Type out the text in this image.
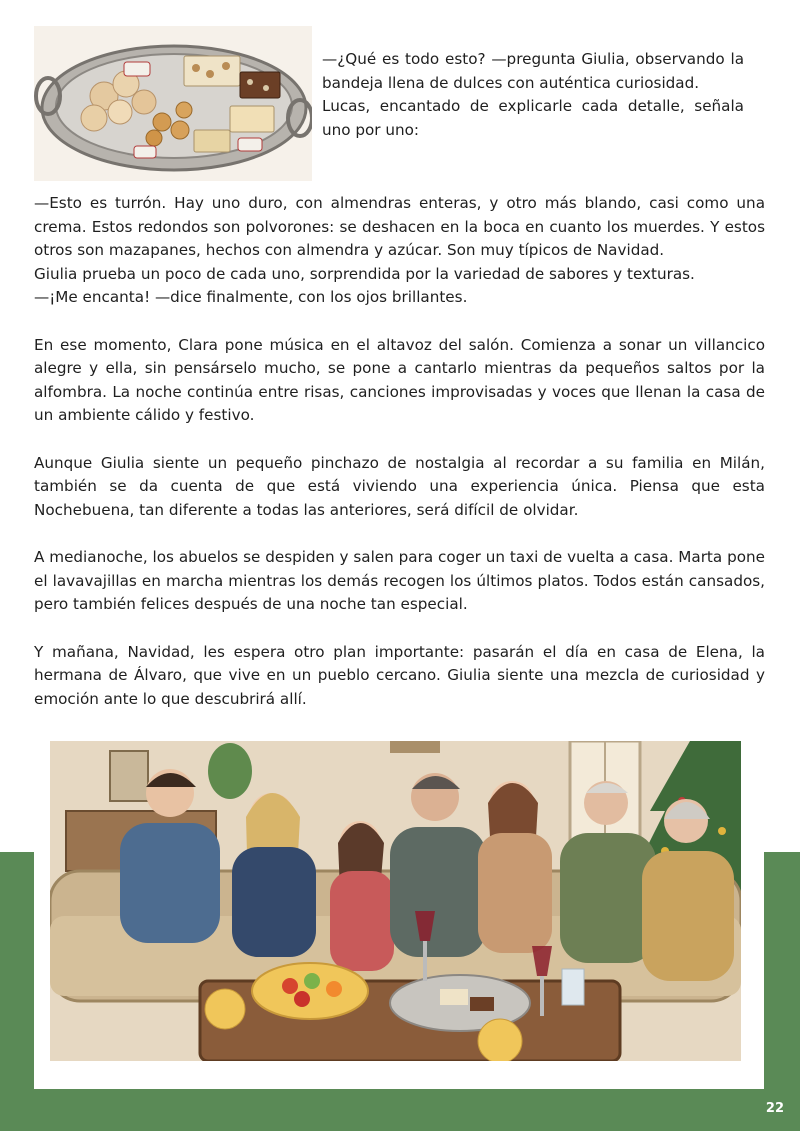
—¿Qué es todo esto? —pregunta Giulia, observando la bandeja llena de dulces con auténtica curiosidad.

Lucas, encantado de explicarle cada detalle, señala uno por uno:

—Esto es turrón. Hay uno duro, con almendras enteras, y otro más blando, casi como una crema. Estos redondos son polvorones: se deshacen en la boca en cuanto los muerdes. Y estos otros son mazapanes, hechos con almendra y azúcar. Son muy típicos de Navidad.

Giulia prueba un poco de cada uno, sorprendida por la variedad de sabores y texturas.

—¡Me encanta! —dice finalmente, con los ojos brillantes.

En ese momento, Clara pone música en el altavoz del salón. Comienza a sonar un villancico alegre y ella, sin pensárselo mucho, se pone a cantarlo mientras da pequeños saltos por la alfombra. La noche continúa entre risas, canciones improvisadas y voces que llenan la casa de un ambiente cálido y festivo.

Aunque Giulia siente un pequeño pinchazo de nostalgia al recordar a su familia en Milán, también se da cuenta de que está viviendo una experiencia única. Piensa que esta Nochebuena, tan diferente a todas las anteriores, será difícil de olvidar.

A medianoche, los abuelos se despiden y salen para coger un taxi de vuelta a casa. Marta pone el lavavajillas en marcha mientras los demás recogen los últimos platos. Todos están cansados, pero también felices después de una noche tan especial.

Y mañana, Navidad, les espera otro plan importante: pasarán el día en casa de Elena, la hermana de Álvaro, que vive en un pueblo cercano. Giulia siente una mezcla de curiosidad y emoción ante lo que descubrirá allí.

22
